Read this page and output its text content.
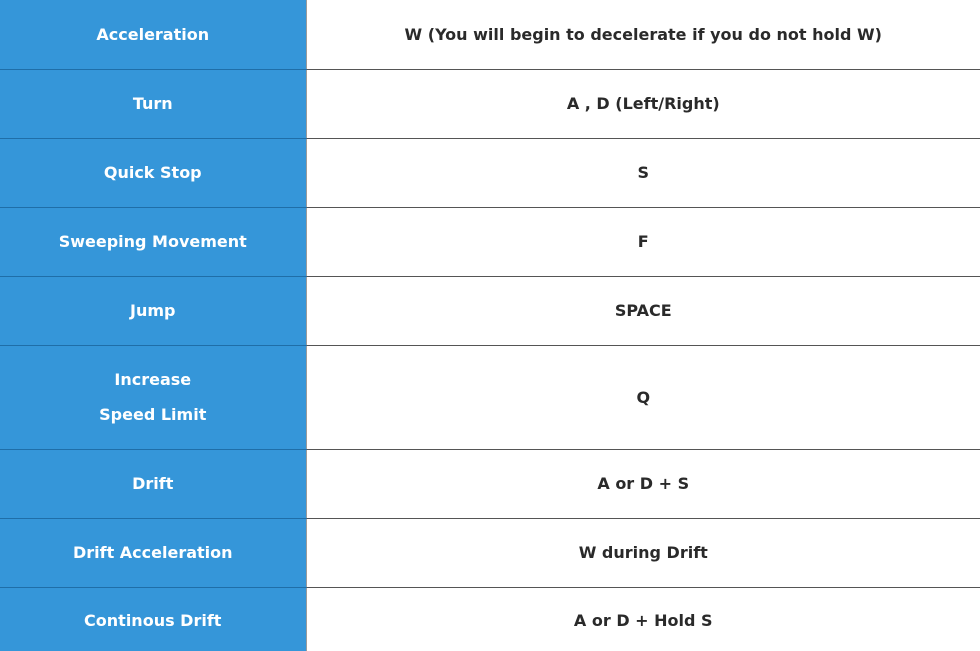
Acceleration	W (You will begin to decelerate if you do not hold W)
Turn	A , D (Left/Right)
Quick Stop	S
Sweeping Movement	F
Jump	SPACE

Increase
Speed Limit	Q
Drift	A or D + S
Drift Acceleration	W during Drift
Continous Drift	A or D + Hold S
